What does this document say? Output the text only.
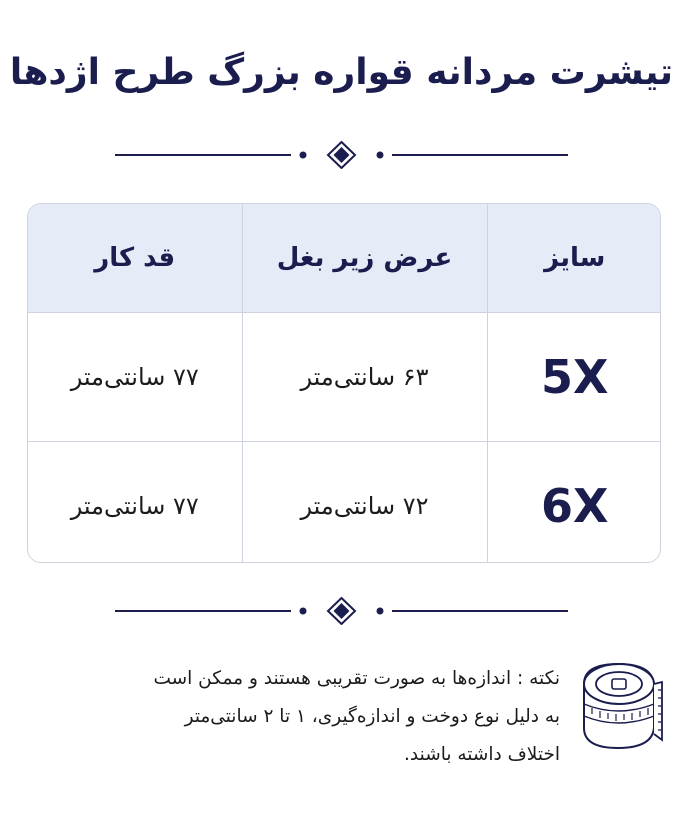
تیشرت مردانه قواره بزرگ طرح اژدها
سایز	عرض زیر بغل	قد کار
5X	۶۳ سانتی‌متر	۷۷ سانتی‌متر
6X	۷۲ سانتی‌متر	۷۷ سانتی‌متر
نکته : اندازه‌ها به صورت تقریبی هستند و ممکن است
به دلیل نوع دوخت و اندازه‌گیری، ۱ تا ۲ سانتی‌متر
اختلاف داشته باشند.
